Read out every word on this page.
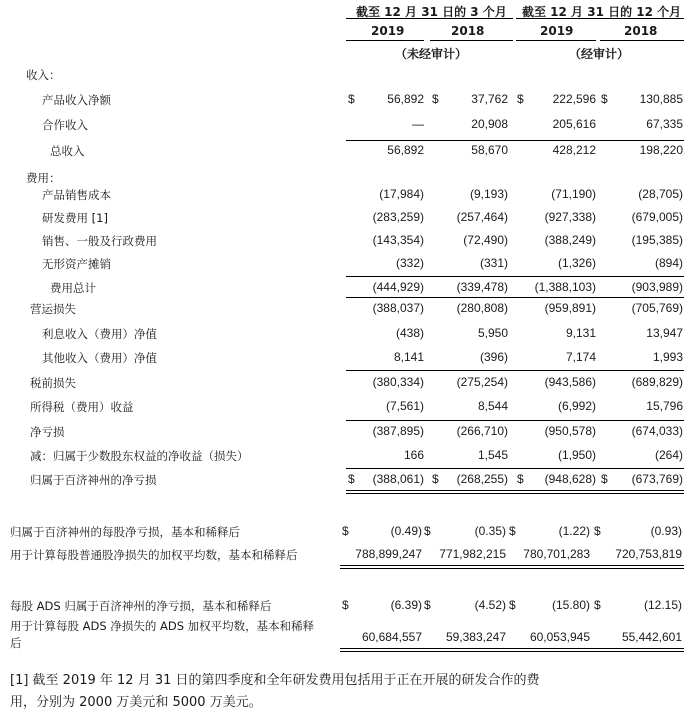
截至 12 月 31 日的 3 个月 截至 12 月 31 日的 12 个月
2019	2018	2019	2018
（未经审计）	（经审计）
收入：
产品收入净额	$	56,892 $	37,762 $ 222,596 $	130,885
合作收入	—	20,908	205,616	67,335
总收入	56,892	58,670	428,212	198,220
费用：
产品销售成本	(17,984)	(9,193)	(71,190)	(28,705)
研发费用 [1]	(283,259)	(257,464)	(927,338)	(679,005)
销售、一般及行政费用	(143,354)	(72,490)	(388,249)	(195,385)
无形资产摊销	(332)	(331)	(1,326)	(894)
费用总计	(444,929)	(339,478) (1,388,103)	(903,989)
营运损失	(388,037)	(280,808)	(959,891)	(705,769)
利息收入（费用）净值	(438)	5,950	9,131	13,947
其他收入（费用）净值	8,141	(396)	7,174	1,993
税前损失	(380,334)	(275,254)	(943,586)	(689,829)
所得税（费用）收益	(7,561)	8,544	(6,992)	15,796
净亏损	(387,895)	(266,710)	(950,578)	(674,033)
减：归属于少数股东权益的净收益（损失）	166	1,545	(1,950)	(264)
归属于百济神州的净亏损	$ (388,061) $ (268,255) $ (948,628) $ (673,769)
归属于百济神州的每股净亏损，基本和稀释后	$	(0.49) $	(0.35) $	(1.22) $	(0.93)
用于计算每股普通股净损失的加权平均数，基本和稀释后	788,899,247 771,982,215 780,701,283 720,753,819
每股 ADS 归属于百济神州的净亏损，基本和稀释后	$	(6.39) $	(4.52) $	(15.80) $	(12.15)
用于计算每股 ADS 净损失的 ADS 加权平均数，基本和稀释
后	60,684,557 59,383,247 60,053,945	55,442,601
[1] 截至 2019 年 12 月 31 日的第四季度和全年研发费用包括用于正在开展的研发合作的费
用，分别为 2000 万美元和 5000 万美元。
